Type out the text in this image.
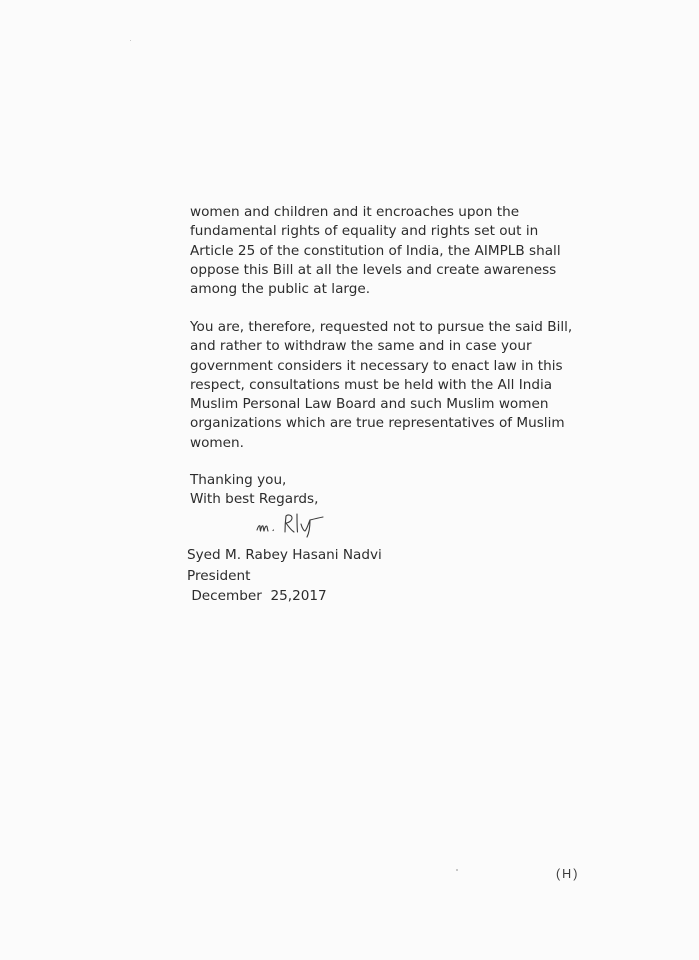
women and children and it encroaches upon the
fundamental rights of equality and rights set out in
Article 25 of the constitution of India, the AIMPLB shall
oppose this Bill at all the levels and create awareness
among the public at large.
You are, therefore, requested not to pursue the said Bill,
and rather to withdraw the same and in case your
government considers it necessary to enact law in this
respect, consultations must be held with the All India
Muslim Personal Law Board and such Muslim women
organizations which are true representatives of Muslim
women.
Thanking you,
With best Regards,
Syed M. Rabey Hasani Nadvi
President
December  25,2017
(H)
